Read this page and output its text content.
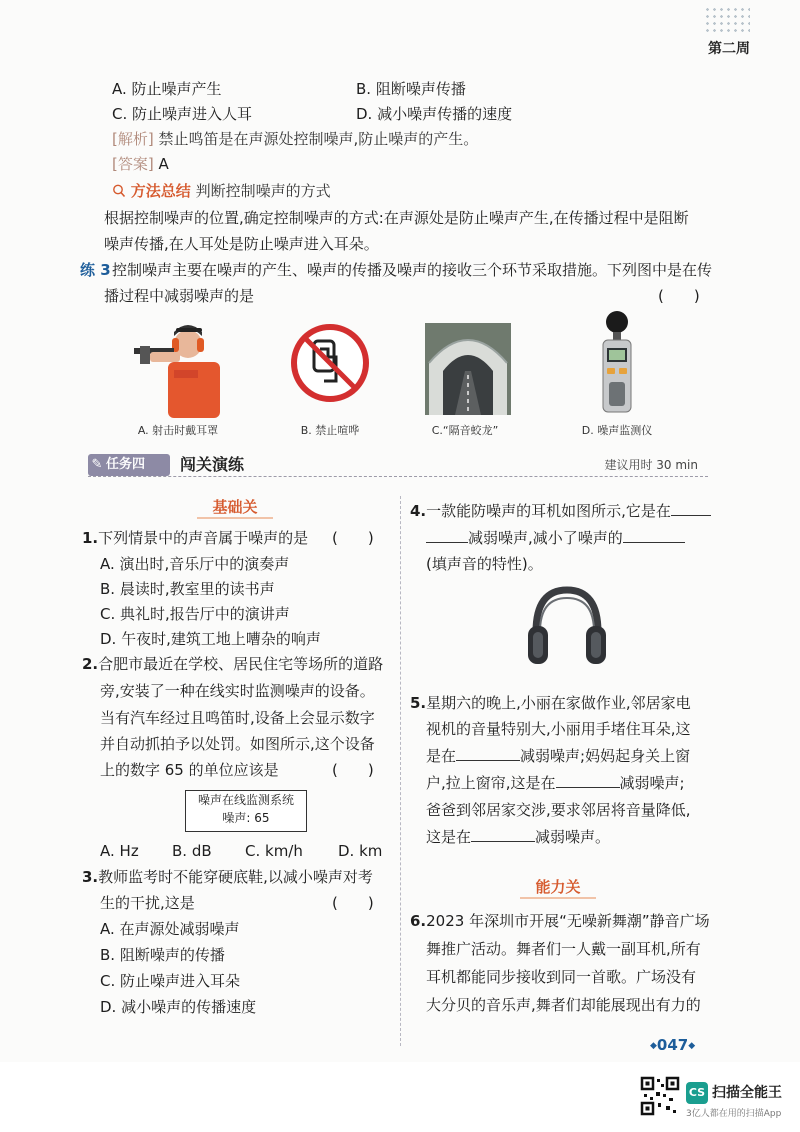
第二周
A. 防止噪声产生	B. 阻断噪声传播
C. 防止噪声进入人耳	D. 减小噪声传播的速度
[解析] 禁止鸣笛是在声源处控制噪声,防止噪声的产生。
[答案] A
方法总结 判断控制噪声的方式
根据控制噪声的位置,确定控制噪声的方式:在声源处是防止噪声产生,在传播过程中是阻断
噪声传播,在人耳处是防止噪声进入耳朵。
练 3 控制噪声主要在噪声的产生、噪声的传播及噪声的接收三个环节采取措施。下列图中是在传
播过程中减弱噪声的是	(　　)
A. 射击时戴耳罩	B. 禁止喧哗	C.“隔音蛟龙”	D. 噪声监测仪
✎ 任务四	闯关演练	建议用时 30 min
基础关
1.下列情景中的声音属于噪声的是 (　　)
A. 演出时,音乐厅中的演奏声
B. 晨读时,教室里的读书声
C. 典礼时,报告厅中的演讲声
D. 午夜时,建筑工地上嘈杂的响声
2.合肥市最近在学校、居民住宅等场所的道路
旁,安装了一种在线实时监测噪声的设备。
当有汽车经过且鸣笛时,设备上会显示数字
并自动抓拍予以处罚。如图所示,这个设备
上的数字 65 的单位应该是	(　　)
噪声在线监测系统
噪声: 65
A. Hz B. dB C. km/h D. km
3.教师监考时不能穿硬底鞋,以减小噪声对考
生的干扰,这是	(　　)
A. 在声源处减弱噪声
B. 阻断噪声的传播
C. 防止噪声进入耳朵
D. 减小噪声的传播速度
4.一款能防噪声的耳机如图所示,它是在
减弱噪声,减小了噪声的
(填声音的特性)。
5.星期六的晚上,小丽在家做作业,邻居家电
视机的音量特别大,小丽用手堵住耳朵,这
是在	减弱噪声;妈妈起身关上窗
户,拉上窗帘,这是在	减弱噪声;
爸爸到邻居家交涉,要求邻居将音量降低,
这是在	减弱噪声。
能力关
6.2023 年深圳市开展“无噪新舞潮”静音广场
舞推广活动。舞者们一人戴一副耳机,所有
耳机都能同步接收到同一首歌。广场没有
大分贝的音乐声,舞者们却能展现出有力的
◆047◆
CS 扫描全能王
3亿人都在用的扫描App
